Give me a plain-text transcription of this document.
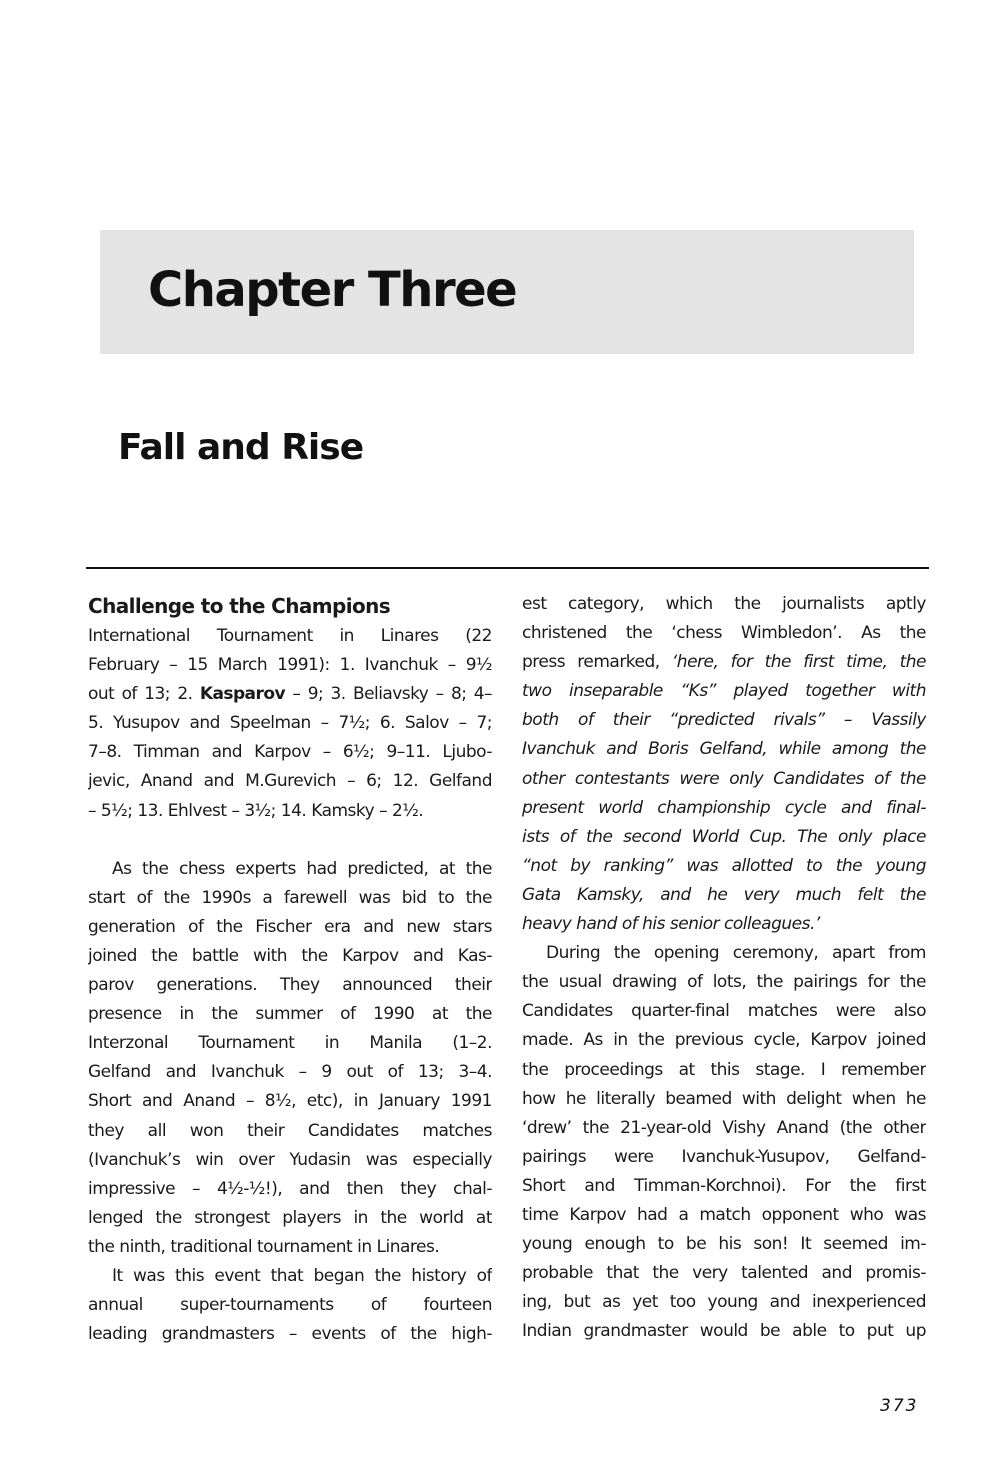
Chapter Three
Fall and Rise
Challenge to the Champions
International Tournament in Linares (22
February – 15 March 1991): 1. Ivanchuk – 9½
out of 13; 2. Kasparov – 9; 3. Beliavsky – 8; 4–
5. Yusupov and Speelman – 7½; 6. Salov – 7;
7–8. Timman and Karpov – 6½; 9–11. Ljubo-
jevic, Anand and M.Gurevich – 6; 12. Gelfand
– 5½; 13. Ehlvest – 3½; 14. Kamsky – 2½.
As the chess experts had predicted, at the
start of the 1990s a farewell was bid to the
generation of the Fischer era and new stars
joined the battle with the Karpov and Kas-
parov generations. They announced their
presence in the summer of 1990 at the
Interzonal Tournament in Manila (1–2.
Gelfand and Ivanchuk – 9 out of 13; 3–4.
Short and Anand – 8½, etc), in January 1991
they all won their Candidates matches
(Ivanchuk’s win over Yudasin was especially
impressive – 4½-½!), and then they chal-
lenged the strongest players in the world at
the ninth, traditional tournament in Linares.
It was this event that began the history of
annual super-tournaments of fourteen
leading grandmasters – events of the high-
est category, which the journalists aptly
christened the ‘chess Wimbledon’. As the
press remarked, ‘here, for the first time, the
two inseparable “Ks” played together with
both of their “predicted rivals” – Vassily
Ivanchuk and Boris Gelfand, while among the
other contestants were only Candidates of the
present world championship cycle and final-
ists of the second World Cup. The only place
“not by ranking” was allotted to the young
Gata Kamsky, and he very much felt the
heavy hand of his senior colleagues.’
During the opening ceremony, apart from
the usual drawing of lots, the pairings for the
Candidates quarter-final matches were also
made. As in the previous cycle, Karpov joined
the proceedings at this stage. I remember
how he literally beamed with delight when he
‘drew’ the 21-year-old Vishy Anand (the other
pairings were Ivanchuk-Yusupov, Gelfand-
Short and Timman-Korchnoi). For the first
time Karpov had a match opponent who was
young enough to be his son! It seemed im-
probable that the very talented and promis-
ing, but as yet too young and inexperienced
Indian grandmaster would be able to put up
373
